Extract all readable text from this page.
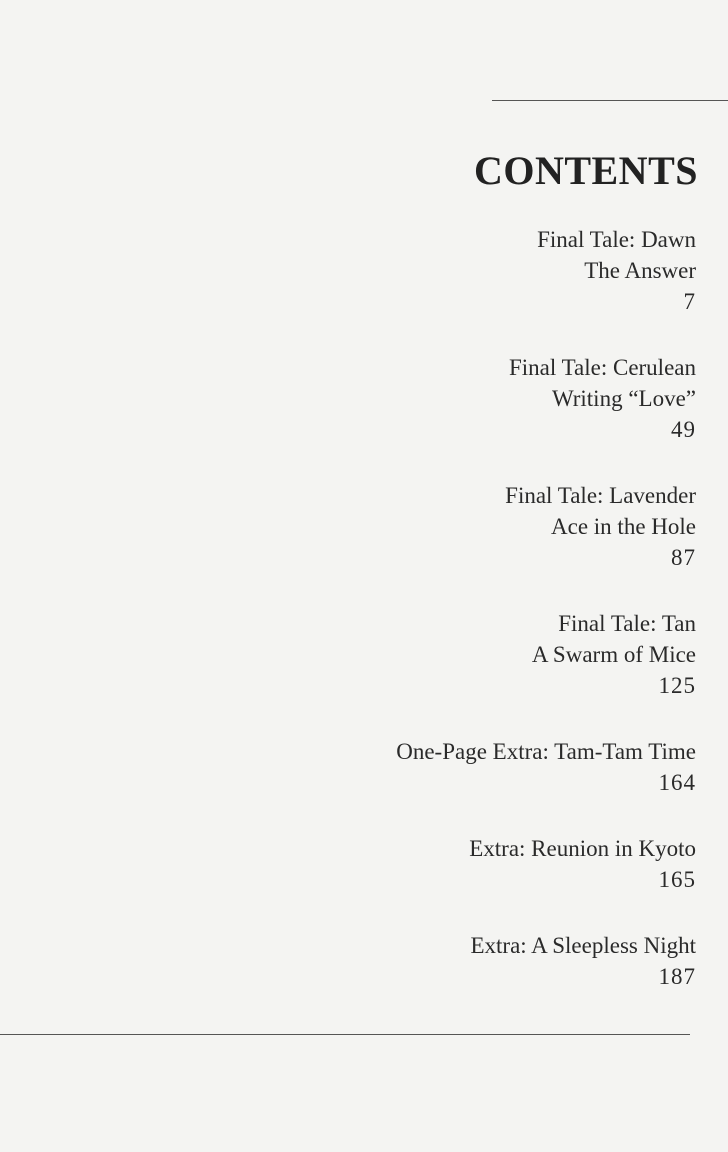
CONTENTS
Final Tale: Dawn
The Answer
7
Final Tale: Cerulean
Writing “Love”
49
Final Tale: Lavender
Ace in the Hole
87
Final Tale: Tan
A Swarm of Mice
125
One-Page Extra: Tam-Tam Time
164
Extra: Reunion in Kyoto
165
Extra: A Sleepless Night
187
